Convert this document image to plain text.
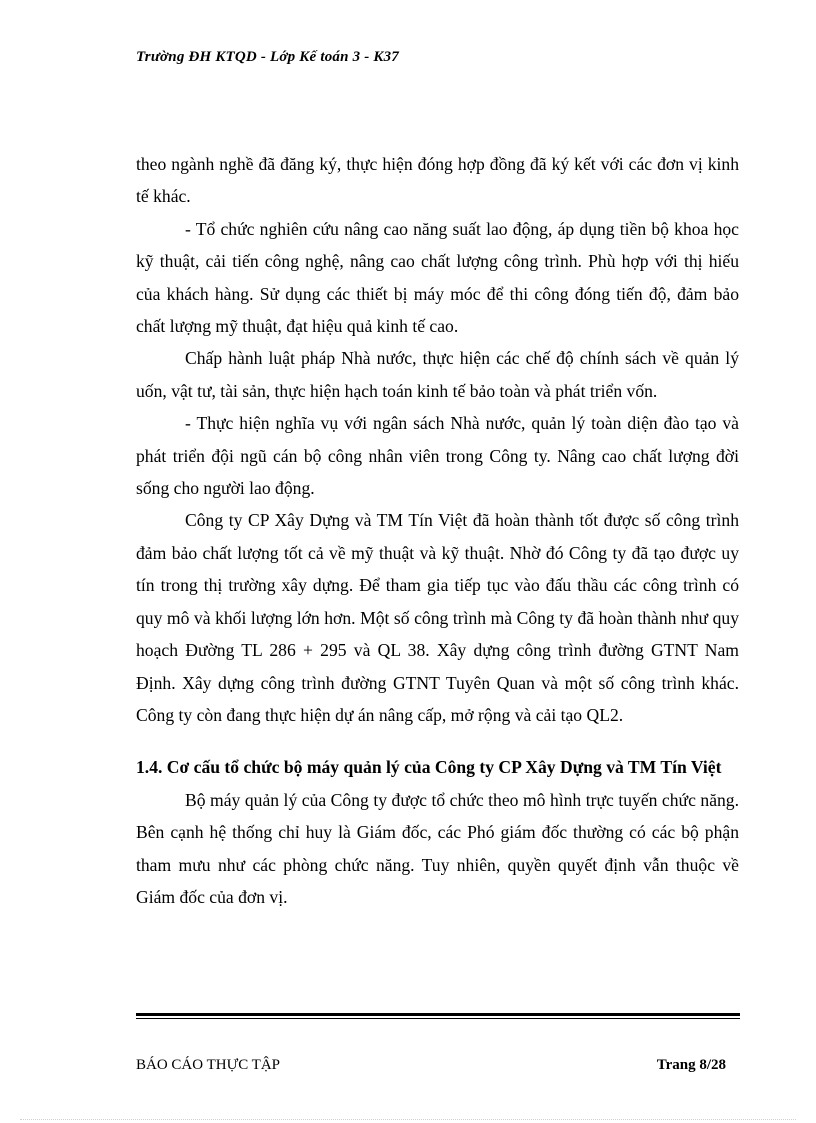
Trường ĐH KTQD - Lớp Kế toán 3 - K37

theo ngành nghề đã đăng ký, thực hiện đóng hợp đồng đã ký kết với các đơn vị kinh tế khác.

- Tổ chức nghiên cứu nâng cao năng suất lao động, áp dụng tiền bộ khoa học kỹ thuật, cải tiến công nghệ, nâng cao chất lượng công trình. Phù hợp với thị hiếu của khách hàng. Sử dụng các thiết bị máy móc để thi công đóng tiến độ, đảm bảo chất lượng mỹ thuật, đạt hiệu quả kinh tế cao.

Chấp hành luật pháp Nhà nước, thực hiện các chế độ chính sách về quản lý uốn, vật tư, tài sản, thực hiện hạch toán kinh tế bảo toàn và phát triển vốn.

- Thực hiện nghĩa vụ với ngân sách Nhà nước, quản lý toàn diện đào tạo và phát triển đội ngũ cán bộ công nhân viên trong Công ty. Nâng cao chất lượng đời sống cho người lao động.

Công ty CP Xây Dựng và TM Tín Việt đã hoàn thành tốt được số công trình đảm bảo chất lượng tốt cả về mỹ thuật và kỹ thuật. Nhờ đó Công ty đã tạo được uy tín trong thị trường xây dựng. Để tham gia tiếp tục vào đấu thầu các công trình có quy mô và khối lượng lớn hơn. Một số công trình mà Công ty đã hoàn thành như quy hoạch Đường TL 286 + 295 và QL 38. Xây dựng công trình đường GTNT Nam Định. Xây dựng công trình đường GTNT Tuyên Quan và một số công trình khác. Công ty còn đang thực hiện dự án nâng cấp, mở rộng và cải tạo QL2.

1.4. Cơ cấu tổ chức bộ máy quản lý của Công ty CP Xây Dựng và TM Tín Việt

Bộ máy quản lý của Công ty được tổ chức theo mô hình trực tuyến chức năng. Bên cạnh hệ thống chỉ huy là Giám đốc, các Phó giám đốc thường có các bộ phận tham mưu như các phòng chức năng. Tuy nhiên, quyền quyết định vẫn thuộc về Giám đốc của đơn vị.

BÁO CÁO THỰC TẬP	Trang 8/28
